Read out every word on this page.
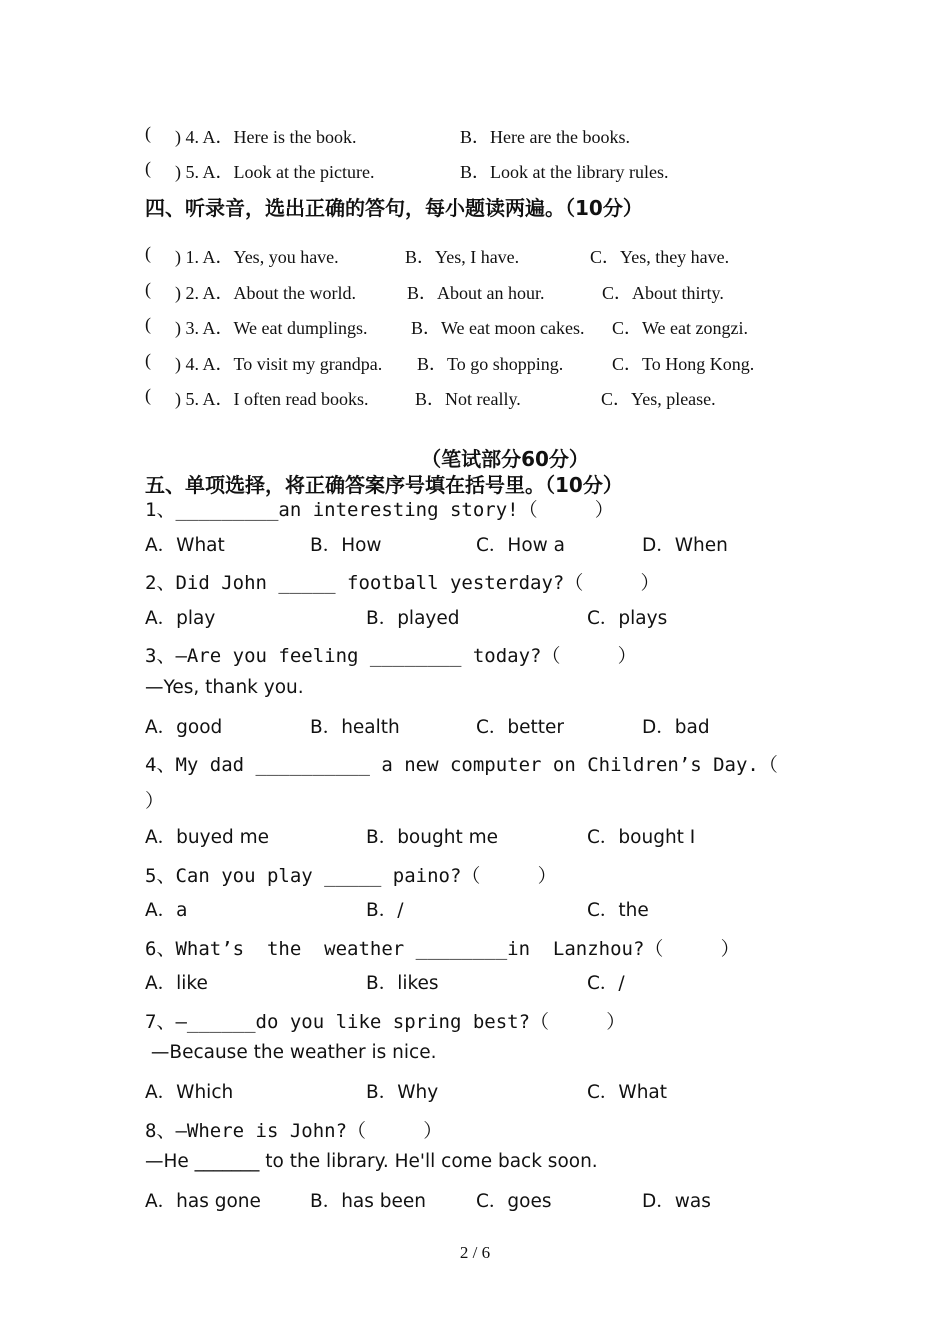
( ) 4. A．Here is the book.	B．Here are the books.
( ) 5. A．Look at the picture.	B．Look at the library rules.
四、听录音，选出正确的答句，每小题读两遍。（10分）
( ) 1. A．Yes, you have.	B．Yes, I have.	C．Yes, they have.
( ) 2. A．About the world.	B．About an hour.	C．About thirty.
( ) 3. A．We eat dumplings. B．We eat moon cakes. C．We eat zongzi.
( ) 4. A．To visit my grandpa. B．To go shopping.	C．To Hong Kong.
( ) 5. A．I often read books.	B．Not really.	C．Yes, please.
（笔试部分60分）
五、单项选择，将正确答案序号填在括号里。（10分）
1、_________an interesting story!（     ）
A．What	B．How	C．How a	D．When
2、Did John _____ football yesterday?（     ）
A．play	B．played	C．plays
3、—Are you feeling ________ today?（     ）
—Yes, thank you.
A．good	B．health	C．better	D．bad
4、My dad __________ a new computer on Children’s Day.（
）
A．buyed me	B．bought me	C．bought I
5、Can you play _____ paino?（     ）
A．a	B．/	C．the
6、What’s  the  weather ________in  Lanzhou?（     ）
A．like	B．likes	C．/
7、—______do you like spring best?（     ）
—Because the weather is nice.
A．Which	B．Why	C．What
8、—Where is John?（     ）
—He _______ to the library. He'll come back soon.
A．has gone	B．has been	C．goes	D．was
2 / 6
